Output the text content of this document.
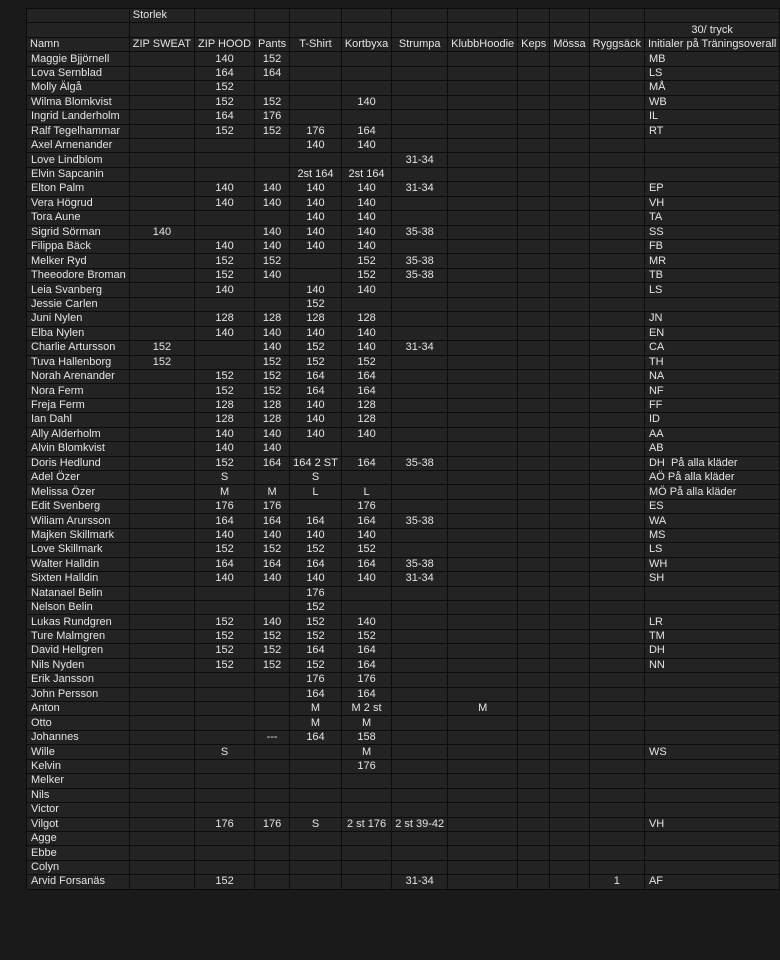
	Storlek										
											30/ tryck
Namn	ZIP SWEAT	ZIP HOOD	Pants	T-Shirt	Kortbyxa	Strumpa	KlubbHoodie	Keps	Mössa	Ryggsäck	Initialer på Träningsoverall
Maggie Bjjörnell		140	152								MB
Lova Sernblad		164	164								LS
Molly Älgå		152									MÅ
Wilma Blomkvist		152	152		140						WB
Ingrid Landerholm		164	176								IL
Ralf Tegelhammar		152	152	176	164						RT
Axel Arnenander				140	140						
Love Lindblom						31-34					
Elvin Sapcanin				2st 164	2st 164						
Elton Palm		140	140	140	140	31-34					EP
Vera Högrud		140	140	140	140						VH
Tora Aune				140	140						TA
Sigrid Sörman	140		140	140	140	35-38					SS
Filippa Bäck		140	140	140	140						FB
Melker Ryd		152	152		152	35-38					MR
Theeodore Broman		152	140		152	35-38					TB
Leia Svanberg		140		140	140						LS
Jessie Carlen				152							
Juni Nylen		128	128	128	128						JN
Elba Nylen		140	140	140	140						EN
Charlie Artursson	152		140	152	140	31-34					CA
Tuva Hallenborg	152		152	152	152						TH
Norah Arenander		152	152	164	164						NA
Nora Ferm		152	152	164	164						NF
Freja Ferm		128	128	140	128						FF
Ian Dahl		128	128	140	128						ID
Ally Alderholm		140	140	140	140						AA
Alvin Blomkvist		140	140								AB
Doris Hedlund		152	164	164 2 ST	164	35-38					DH  På alla kläder
Adel Özer		S		S							AÖ På alla kläder
Melissa Özer		M	M	L	L						MÖ På alla kläder
Edit Svenberg		176	176		176						ES
Wiliam Arursson		164	164	164	164	35-38					WA
Majken Skillmark		140	140	140	140						MS
Love Skillmark		152	152	152	152						LS
Walter Halldin		164	164	164	164	35-38					WH
Sixten Halldin		140	140	140	140	31-34					SH
Natanael Belin				176							
Nelson Belin				152							
Lukas Rundgren		152	140	152	140						LR
Ture Malmgren		152	152	152	152						TM
David Hellgren		152	152	164	164						DH
Nils Nyden		152	152	152	164						NN
Erik Jansson				176	176						
John Persson				164	164						
Anton				M	M 2 st		M				
Otto				M	M						
Johannes			---	164	158						
Wille		S			M						WS
Kelvin					176						
Melker											
Nils											
Victor											
Vilgot		176	176	S	2 st 176	2 st 39-42					VH
Agge											
Ebbe											
Colyn											
Arvid Forsanäs		152				31-34				1	AF
